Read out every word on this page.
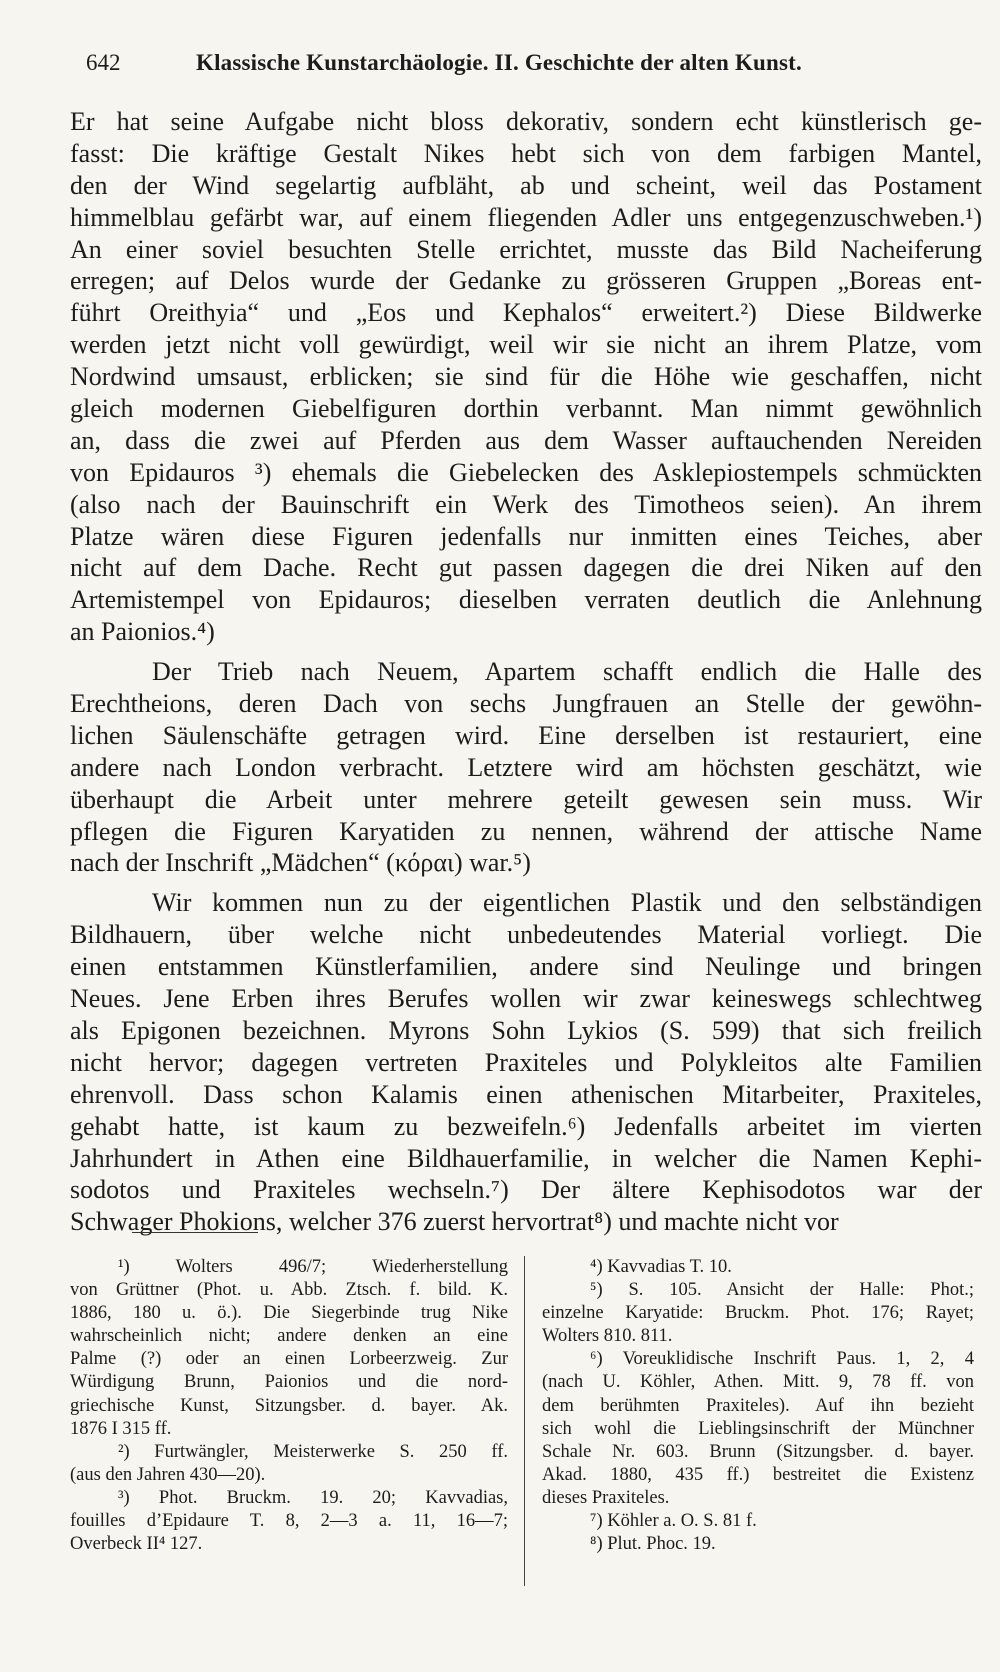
642	Klassische Kunstarchäologie. II. Geschichte der alten Kunst.
Er hat seine Aufgabe nicht bloss dekorativ, sondern echt künstlerisch ge-
fasst: Die kräftige Gestalt Nikes hebt sich von dem farbigen Mantel,
den der Wind segelartig aufbläht, ab und scheint, weil das Postament
himmelblau gefärbt war, auf einem fliegenden Adler uns entgegenzuschweben.¹)
An einer soviel besuchten Stelle errichtet, musste das Bild Nacheiferung
erregen; auf Delos wurde der Gedanke zu grösseren Gruppen „Boreas ent-
führt Oreithyia“ und „Eos und Kephalos“ erweitert.²) Diese Bildwerke
werden jetzt nicht voll gewürdigt, weil wir sie nicht an ihrem Platze, vom
Nordwind umsaust, erblicken; sie sind für die Höhe wie geschaffen, nicht
gleich modernen Giebelfiguren dorthin verbannt. Man nimmt gewöhnlich
an, dass die zwei auf Pferden aus dem Wasser auftauchenden Nereiden
von Epidauros ³) ehemals die Giebelecken des Asklepiostempels schmückten
(also nach der Bauinschrift ein Werk des Timotheos seien). An ihrem
Platze wären diese Figuren jedenfalls nur inmitten eines Teiches, aber
nicht auf dem Dache. Recht gut passen dagegen die drei Niken auf den
Artemistempel von Epidauros; dieselben verraten deutlich die Anlehnung
an Paionios.⁴)
Der Trieb nach Neuem, Apartem schafft endlich die Halle des
Erechtheions, deren Dach von sechs Jungfrauen an Stelle der gewöhn-
lichen Säulenschäfte getragen wird. Eine derselben ist restauriert, eine
andere nach London verbracht. Letztere wird am höchsten geschätzt, wie
überhaupt die Arbeit unter mehrere geteilt gewesen sein muss. Wir
pflegen die Figuren Karyatiden zu nennen, während der attische Name
nach der Inschrift „Mädchen“ (κόραι) war.⁵)
Wir kommen nun zu der eigentlichen Plastik und den selbständigen
Bildhauern, über welche nicht unbedeutendes Material vorliegt. Die
einen entstammen Künstlerfamilien, andere sind Neulinge und bringen
Neues. Jene Erben ihres Berufes wollen wir zwar keineswegs schlechtweg
als Epigonen bezeichnen. Myrons Sohn Lykios (S. 599) that sich freilich
nicht hervor; dagegen vertreten Praxiteles und Polykleitos alte Familien
ehrenvoll. Dass schon Kalamis einen athenischen Mitarbeiter, Praxiteles,
gehabt hatte, ist kaum zu bezweifeln.⁶) Jedenfalls arbeitet im vierten
Jahrhundert in Athen eine Bildhauerfamilie, in welcher die Namen Kephi-
sodotos und Praxiteles wechseln.⁷) Der ältere Kephisodotos war der
Schwager Phokions, welcher 376 zuerst hervortrat⁸) und machte nicht vor
¹) Wolters 496/7; Wiederherstellung
von Grüttner (Phot. u. Abb. Ztsch. f. bild. K.
1886, 180 u. ö.). Die Siegerbinde trug Nike
wahrscheinlich nicht; andere denken an eine
Palme (?) oder an einen Lorbeerzweig. Zur
Würdigung Brunn, Paionios und die nord-
griechische Kunst, Sitzungsber. d. bayer. Ak.
1876 I 315 ff.
²) Furtwängler, Meisterwerke S. 250 ff.
(aus den Jahren 430—20).
³) Phot. Bruckm. 19. 20; Kavvadias,
fouilles d’Epidaure T. 8, 2—3 a. 11, 16—7;
Overbeck II⁴ 127.
⁴) Kavvadias T. 10.
⁵) S. 105. Ansicht der Halle: Phot.;
einzelne Karyatide: Bruckm. Phot. 176; Rayet;
Wolters 810. 811.
⁶) Voreuklidische Inschrift Paus. 1, 2, 4
(nach U. Köhler, Athen. Mitt. 9, 78 ff. von
dem berühmten Praxiteles). Auf ihn bezieht
sich wohl die Lieblingsinschrift der Münchner
Schale Nr. 603. Brunn (Sitzungsber. d. bayer.
Akad. 1880, 435 ff.) bestreitet die Existenz
dieses Praxiteles.
⁷) Köhler a. O. S. 81 f.
⁸) Plut. Phoc. 19.
